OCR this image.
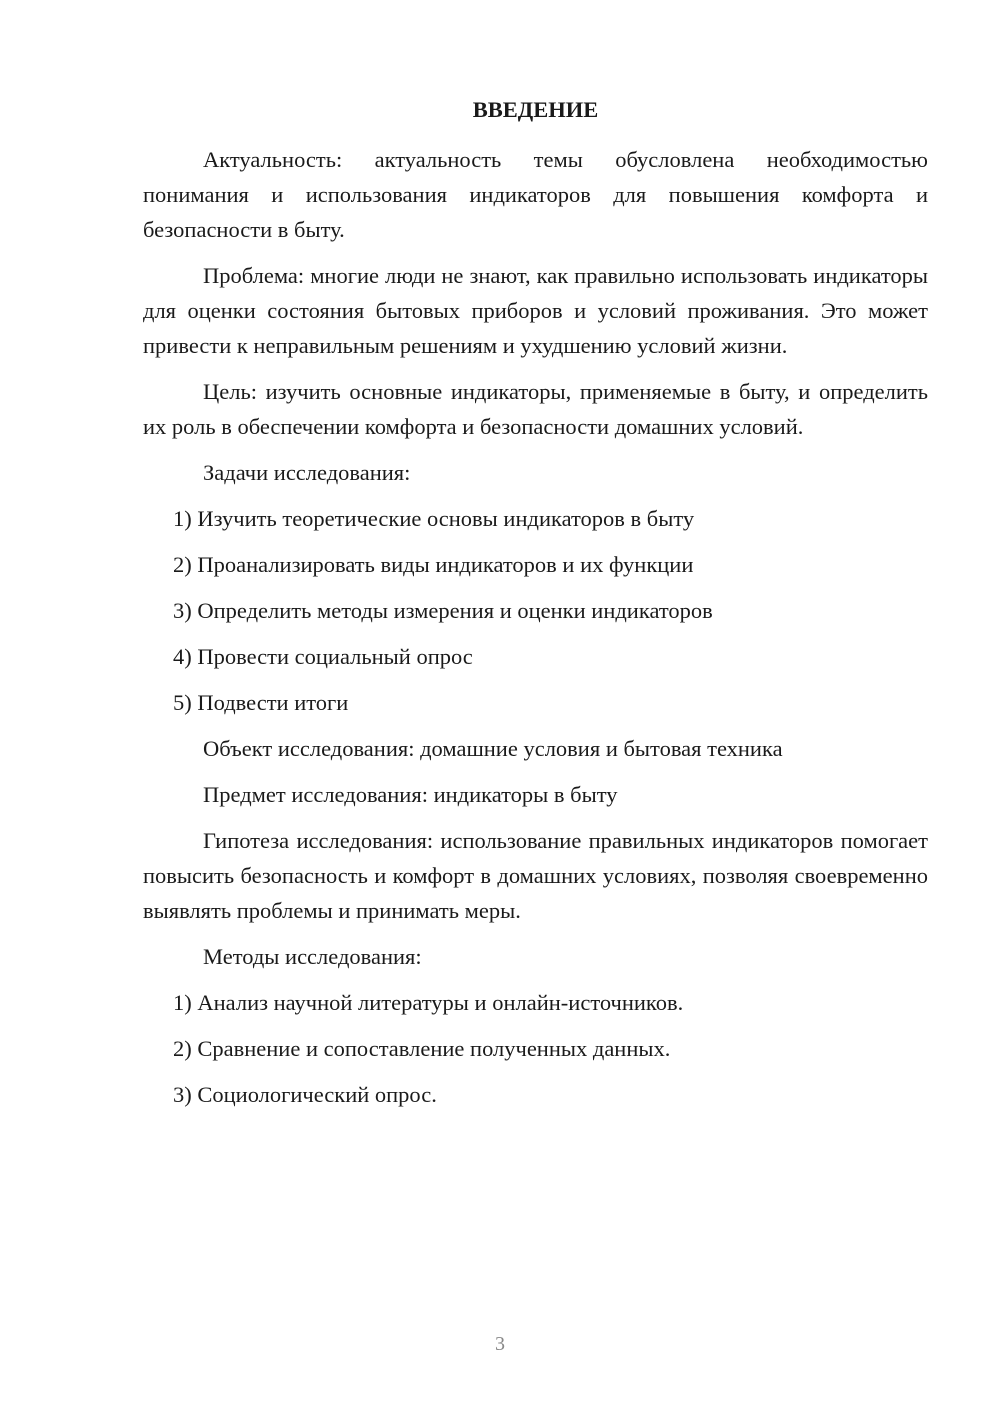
ВВЕДЕНИЕ

Актуальность: актуальность темы обусловлена необходимостью понимания и использования индикаторов для повышения комфорта и безопасности в быту.

Проблема: многие люди не знают, как правильно использовать индикаторы для оценки состояния бытовых приборов и условий проживания. Это может привести к неправильным решениям и ухудшению условий жизни.

Цель: изучить основные индикаторы, применяемые в быту, и определить их роль в обеспечении комфорта и безопасности домашних условий.

Задачи исследования:

1) Изучить теоретические основы индикаторов в быту

2) Проанализировать виды индикаторов и их функции

3) Определить методы измерения и оценки индикаторов

4) Провести социальный опрос

5) Подвести итоги

Объект исследования: домашние условия и бытовая техника

Предмет исследования: индикаторы в быту

Гипотеза исследования: использование правильных индикаторов помогает повысить безопасность и комфорт в домашних условиях, позволяя своевременно выявлять проблемы и принимать меры.

Методы исследования:

1) Анализ научной литературы и онлайн-источников.

2) Сравнение и сопоставление полученных данных.

3) Социологический опрос.

3
